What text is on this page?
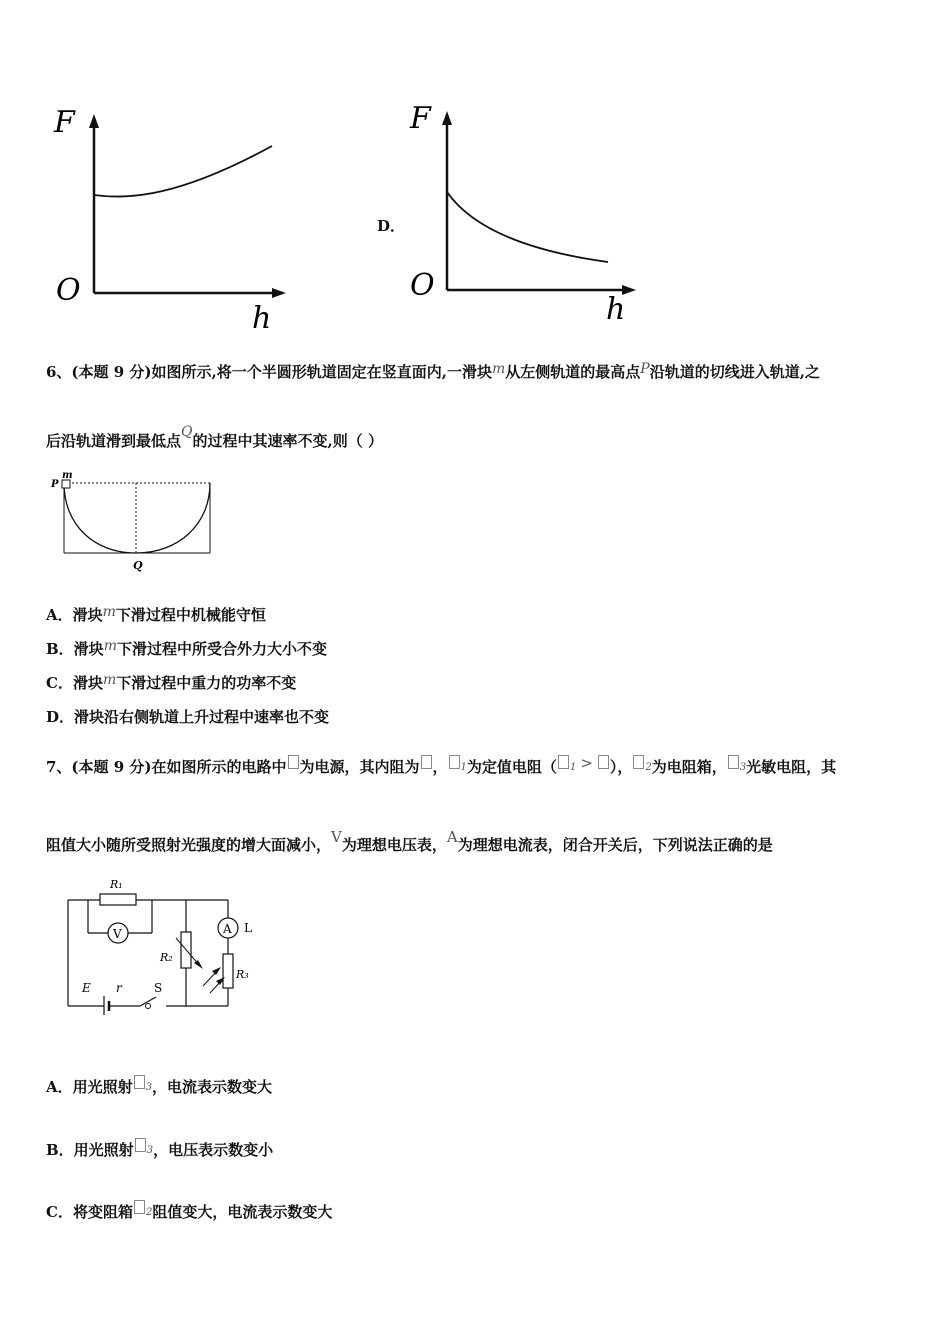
F
O
h
D．
F
O
h
6、(本题 9 分)如图所示,将一个半圆形轨道固定在竖直面内,一滑块m从左侧轨道的最高点P沿轨道的切线进入轨道,之
后沿轨道滑到最低点Q的过程中其速率不变,则（ ）
P
m
Q
A．滑块m下滑过程中机械能守恒
B．滑块m下滑过程中所受合外力大小不变
C．滑块m下滑过程中重力的功率不变
D．滑块沿右侧轨道上升过程中速率也不变
7、(本题 9 分)在如图所示的电路中 为电源，其内阻为 ， $^1$为定值电阻（ $^1$ > ）， $^2$为电阻箱， $^3$光敏电阻，其
阻值大小随所受照射光强度的增大面减小，V为理想电压表，A为理想电流表，闭合开关后，下列说法正确的是
R₁
V	A L
R₂
R₃
E r	S
A．用光照射 $^3$，电流表示数变大
B．用光照射 $^3$，电压表示数变小
C．将变阻箱 $^2$阻值变大，电流表示数变大
